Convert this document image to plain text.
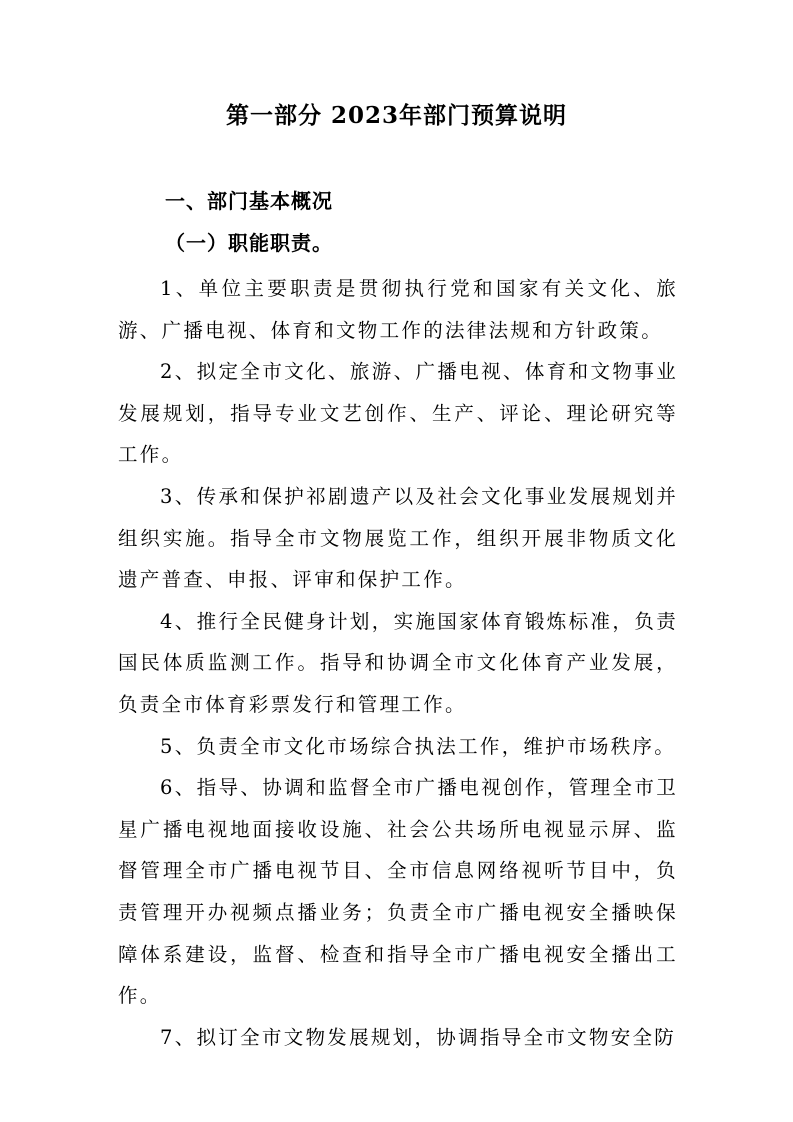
第一部分 2023年部门预算说明
一、部门基本概况
（一）职能职责。

1、单位主要职责是贯彻执行党和国家有关文化、旅游、广播电视、体育和文物工作的法律法规和方针政策。

2、拟定全市文化、旅游、广播电视、体育和文物事业发展规划，指导专业文艺创作、生产、评论、理论研究等工作。

3、传承和保护祁剧遗产以及社会文化事业发展规划并组织实施。指导全市文物展览工作，组织开展非物质文化遗产普查、申报、评审和保护工作。

4、推行全民健身计划，实施国家体育锻炼标准，负责国民体质监测工作。指导和协调全市文化体育产业发展，负责全市体育彩票发行和管理工作。

5、负责全市文化市场综合执法工作，维护市场秩序。

6、指导、协调和监督全市广播电视创作，管理全市卫星广播电视地面接收设施、社会公共场所电视显示屏、监督管理全市广播电视节目、全市信息网络视听节目中，负责管理开办视频点播业务；负责全市广播电视安全播映保障体系建设，监督、检查和指导全市广播电视安全播出工作。

7、拟订全市文物发展规划，协调指导全市文物安全防
